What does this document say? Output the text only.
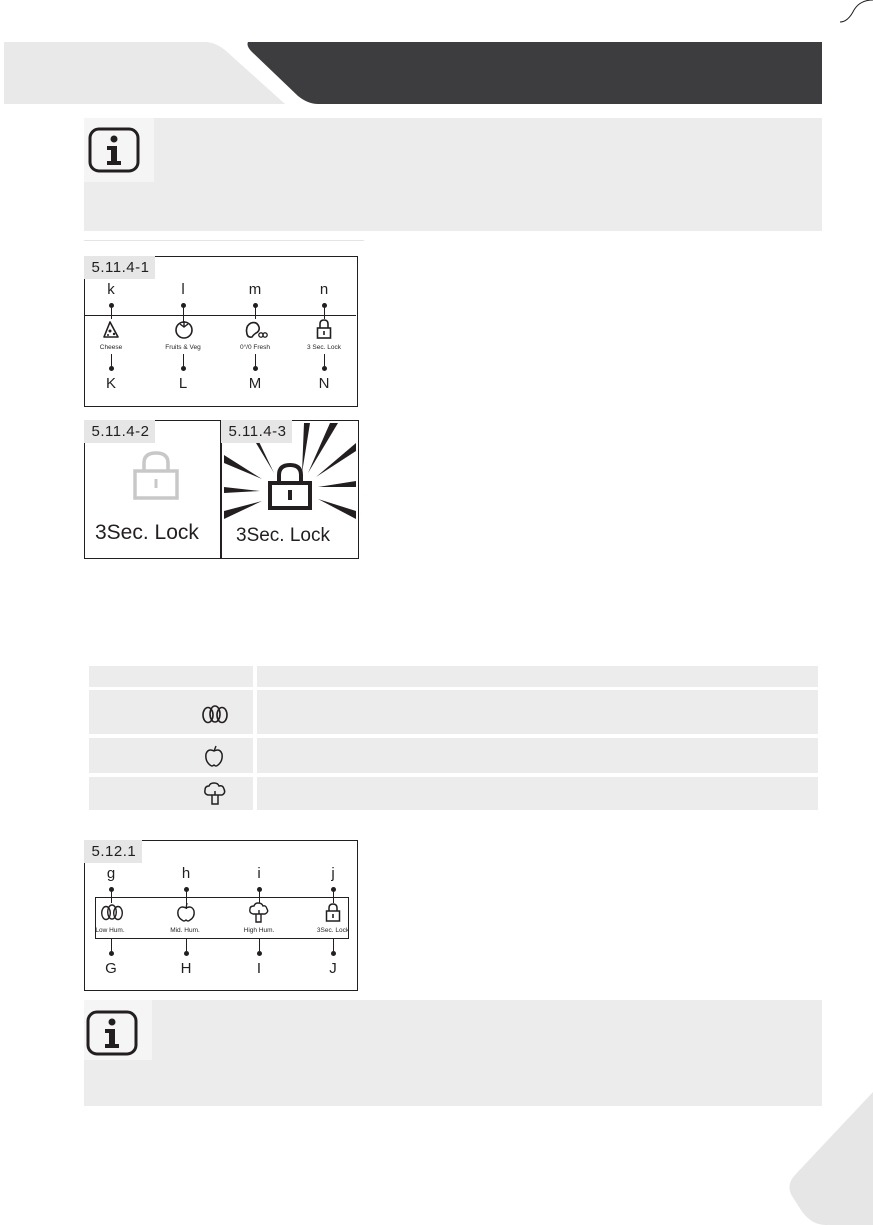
5.11.4-1
k
Cheese
K
l
Fruits & Veg
L
m
0°/0 Fresh
M
n
3 Sec. Lock
N
5.11.4-2
3Sec. Lock
5.11.4-3
3Sec. Lock
5.12.1
g
Low Hum.
G
h
Mid. Hum.
H
i
High Hum.
I
j
3Sec. Lock
J
